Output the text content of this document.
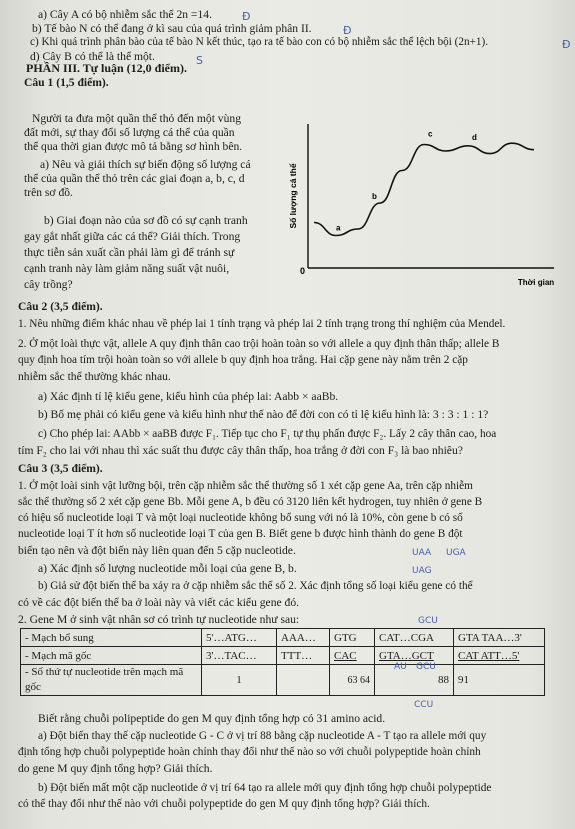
a) Cây A có bộ nhiễm sắc thể 2n =14.	Đ
b) Tế bào N có thể đang ở kì sau của quá trình giảm phân II.	Đ
c) Khi quá trình phân bào của tế bào N kết thúc, tạo ra tế bào con có bộ nhiễm sắc thể lệch bội (2n+1).	Đ
d) Cây B có thể là thể một.	S
PHẦN III. Tự luận (12,0 điểm).
Câu 1 (1,5 điểm).
Người ta đưa một quần thể thỏ đến một vùng
đất mới, sự thay đổi số lượng cá thể của quần
thể qua thời gian được mô tả bằng sơ hình bên.
a) Nêu và giải thích sự biến động số lượng cá
thể của quần thể thỏ trên các giai đoạn a, b, c, d
trên sơ đồ.
b) Giai đoạn nào của sơ đồ có sự cạnh tranh
gay gắt nhất giữa các cá thể? Giải thích. Trong
thực tiễn sản xuất cần phải làm gì để tránh sự
cạnh tranh này làm giảm năng suất vật nuôi,
cây trồng?
Số lượng cá thể
Thời gian
0
a
b
c	d
Câu 2 (3,5 điểm).
1. Nêu những điểm khác nhau về phép lai 1 tính trạng và phép lai 2 tính trạng trong thí nghiệm của Mendel.
2. Ở một loài thực vật, allele A quy định thân cao trội hoàn toàn so với allele a quy định thân thấp; allele B
quy định hoa tím trội hoàn toàn so với allele b quy định hoa trắng. Hai cặp gene này nằm trên 2 cặp
nhiễm sắc thể thường khác nhau.
a) Xác định tỉ lệ kiểu gene, kiểu hình của phép lai: Aabb × aaBb.
b) Bố mẹ phải có kiểu gene và kiểu hình như thế nào để đời con có tỉ lệ kiểu hình là: 3 : 3 : 1 : 1?
c) Cho phép lai: AAbb × aaBB được F₁. Tiếp tục cho F₁ tự thụ phấn được F₂. Lấy 2 cây thân cao, hoa
tím F₂ cho lai với nhau thì xác suất thu được cây thân thấp, hoa trắng ở đời con F₃ là bao nhiêu?
Câu 3 (3,5 điểm).
1. Ở một loài sinh vật lưỡng bội, trên cặp nhiễm sắc thể thường số 1 xét cặp gene Aa, trên cặp nhiễm
sắc thể thường số 2 xét cặp gene Bb. Mỗi gene A, b đều có 3120 liên kết hydrogen, tuy nhiên ở gene B
có hiệu số nucleotide loại T và một loại nucleotide không bổ sung với nó là 10%, còn gene b có số
nucleotide loại T ít hơn số nucleotide loại T của gen B. Biết gene b được hình thành do gene B đột
biến tạo nên và đột biến này liên quan đến 5 cặp nucleotide.	UAA UGA
a) Xác định số lượng nucleotide mỗi loại của gene B, b.	UAG
b) Giả sử đột biến thể ba xảy ra ở cặp nhiễm sắc thể số 2. Xác định tổng số loại kiểu gene có thể
có về các đột biến thể ba ở loài này và viết các kiểu gene đó.
2. Gene M ở sinh vật nhân sơ có trình tự nucleotide như sau:	GCU
- Mạch bổ sung	5'…ATG…	AAA…	GTG	CAT…CGA	GTA TAA…3'
- Mạch mã gốc	3'…TAC…	TTT…	CAC	GTA…GCT	CAT ATT…5'
- Số thứ tự nucleotide trên mạch mã gốc	1		63 64	88	91
AU GCU
CCU
Biết rằng chuỗi polipeptide do gen M quy định tổng hợp có 31 amino acid.
a) Đột biến thay thế cặp nucleotide G - C ở vị trí 88 bằng cặp nucleotide A - T tạo ra allele mới quy
định tổng hợp chuỗi polypeptide hoàn chỉnh thay đổi như thế nào so với chuỗi polypeptide hoàn chỉnh
do gene M quy định tổng hợp? Giải thích.
b) Đột biến mất một cặp nucleotide ở vị trí 64 tạo ra allele mới quy định tổng hợp chuỗi polypeptide
có thể thay đổi như thế nào với chuỗi polypeptide do gen M quy định tổng hợp? Giải thích.
